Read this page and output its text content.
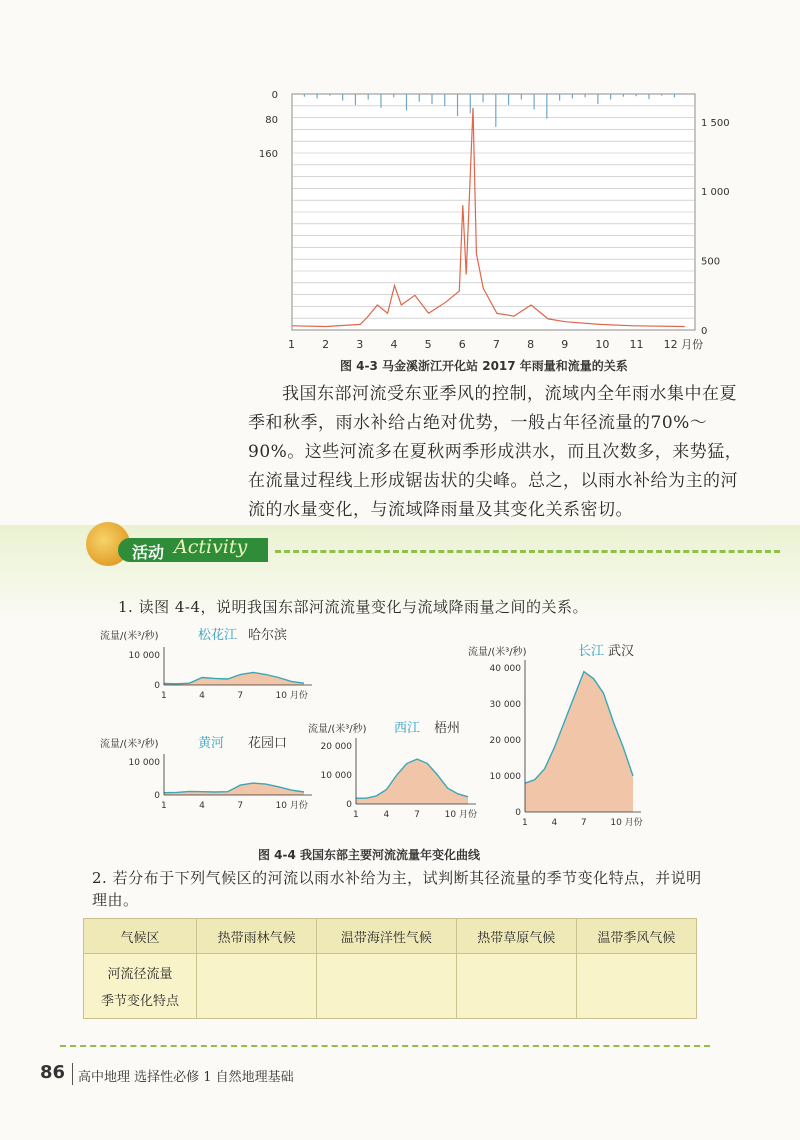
1 2 3 4 5 6 7 8 9 10 11 12 月份
0
80
160
1 500
1 000
500
0
图 4-3 马金溪浙江开化站 2017 年雨量和流量的关系

我国东部河流受东亚季风的控制，流域内全年雨水集中在夏季和秋季，雨水补给占绝对优势，一般占年径流量的70%～90%。这些河流多在夏秋两季形成洪水，而且次数多，来势猛，在流量过程线上形成锯齿状的尖峰。总之，以雨水补给为主的河流的水量变化，与流域降雨量及其变化关系密切。

活动 Activity
1. 读图 4-4，说明我国东部河流流量变化与流域降雨量之间的关系。
10 000
0
1	4	7	10 月份
流量/(米³/秒)	松花江 哈尔滨
10 000
0
1	4	7	10 月份
流量/(米³/秒)	黄河 花园口	20 000
10 000
0
1	4	7	10 月份
流量/(米³/秒) 西江 梧州
40 000
30 000
20 000
10 000
0
1	4	7	10 月份
流量/(米³/秒)	长江 武汉
图 4-4 我国东部主要河流流量年变化曲线
2. 若分布于下列气候区的河流以雨水补给为主，试判断其径流量的季节变化特点，并说明理由。
气候区	热带雨林气候	温带海洋性气候	热带草原气候	温带季风气候

河流径流量
季节变化特点				

86 高中地理 选择性必修 1 自然地理基础
